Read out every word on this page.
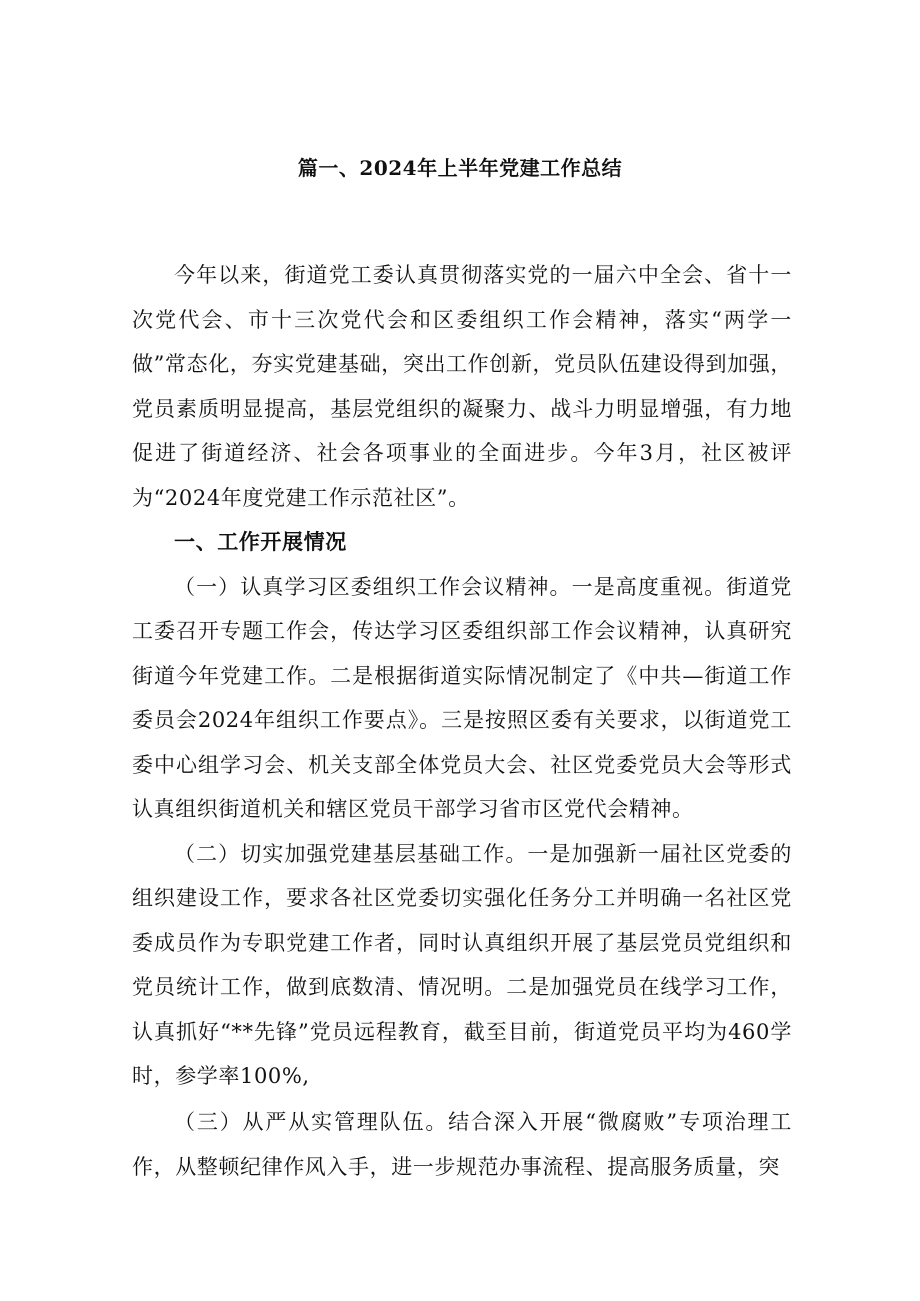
篇一、2024年上半年党建工作总结

今年以来，街道党工委认真贯彻落实党的一届六中全会、省十一次党代会、市十三次党代会和区委组织工作会精神，落实“两学一做”常态化，夯实党建基础，突出工作创新，党员队伍建设得到加强，党员素质明显提高，基层党组织的凝聚力、战斗力明显增强，有力地促进了街道经济、社会各项事业的全面进步。今年3月，社区被评为“2024年度党建工作示范社区”。

一、工作开展情况

（一）认真学习区委组织工作会议精神。一是高度重视。街道党工委召开专题工作会，传达学习区委组织部工作会议精神，认真研究街道今年党建工作。二是根据街道实际情况制定了《中共—街道工作委员会2024年组织工作要点》。三是按照区委有关要求，以街道党工委中心组学习会、机关支部全体党员大会、社区党委党员大会等形式认真组织街道机关和辖区党员干部学习省市区党代会精神。

（二）切实加强党建基层基础工作。一是加强新一届社区党委的组织建设工作，要求各社区党委切实强化任务分工并明确一名社区党委成员作为专职党建工作者，同时认真组织开展了基层党员党组织和党员统计工作，做到底数清、情况明。二是加强党员在线学习工作，认真抓好“**先锋”党员远程教育，截至目前，街道党员平均为460学时，参学率100%,

（三）从严从实管理队伍。结合深入开展“微腐败”专项治理工作，从整顿纪律作风入手，进一步规范办事流程、提高服务质量，突
